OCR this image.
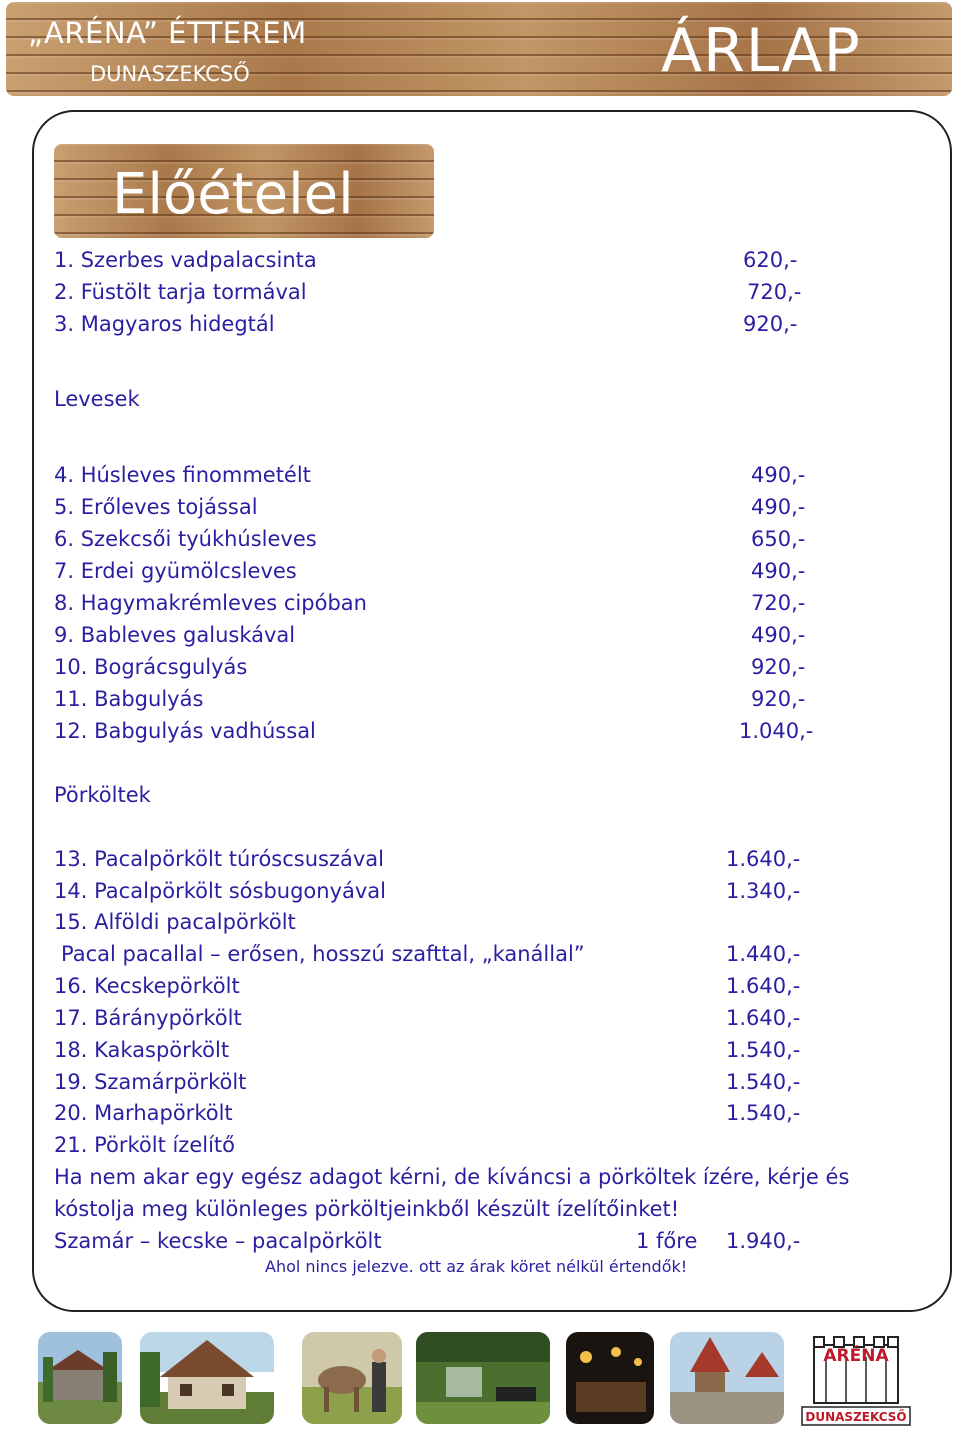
„ARÉNA” ÉTTEREM

DUNASZEKCSŐ	ÁRLAP

Előételel
1. Szerbes vadpalacsinta	620,-
2. Füstölt tarja tormával	720,-
3. Magyaros hidegtál	920,-
Levesek
4. Húsleves finommetélt	490,-
5. Erőleves tojással	490,-
6. Szekcsői tyúkhúsleves	650,-
7. Erdei gyümölcsleves	490,-
8. Hagymakrémleves cipóban	720,-
9. Bableves galuskával	490,-
10. Bográcsgulyás	920,-
11. Babgulyás	920,-
12. Babgulyás vadhússal	1.040,-
Pörköltek
13. Pacalpörkölt túróscsuszával	1.640,-
14. Pacalpörkölt sósbugonyával	1.340,-
15. Alföldi pacalpörkölt
Pacal pacallal – erősen, hosszú szafttal, „kanállal”	1.440,-
16. Kecskepörkölt	1.640,-
17. Báránypörkölt	1.640,-
18. Kakaspörkölt	1.540,-
19. Szamárpörkölt	1.540,-
20. Marhapörkölt	1.540,-
21. Pörkölt ízelítő
Ha nem akar egy egész adagot kérni, de kíváncsi a pörköltek ízére, kérje és
kóstolja meg különleges pörköltjeinkből készült ízelítőinket!
Szamár – kecske – pacalpörkölt	1 főre 1.940,-
Ahol nincs jelezve. ott az árak köret nélkül értendők!
ARÉNA
DUNASZEKCSŐ
